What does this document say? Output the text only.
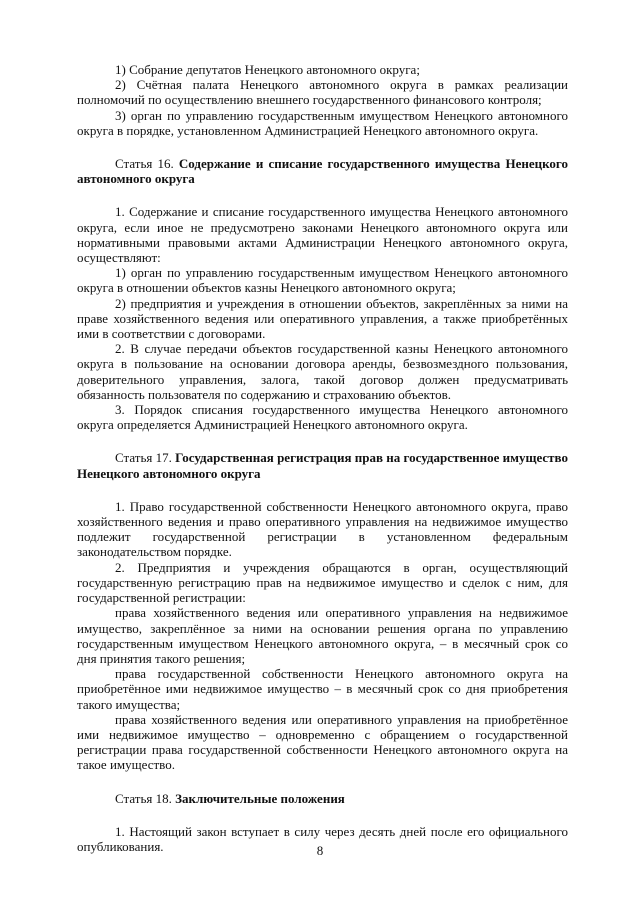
1) Собрание депутатов Ненецкого автономного округа;

2) Счётная палата Ненецкого автономного округа в рамках реализации полномочий по осуществлению внешнего государственного финансового контроля;

3) орган по управлению государственным имуществом Ненецкого автономного округа в порядке, установленном Администрацией Ненецкого автономного округа.

Статья 16. Содержание и списание государственного имущества Ненецкого автономного округа

1. Содержание и списание государственного имущества Ненецкого автономного округа, если иное не предусмотрено законами Ненецкого автономного округа или нормативными правовыми актами Администрации Ненецкого автономного округа, осуществляют:

1) орган по управлению государственным имуществом Ненецкого автономного округа в отношении объектов казны Ненецкого автономного округа;

2) предприятия и учреждения в отношении объектов, закреплённых за ними на праве хозяйственного ведения или оперативного управления, а также приобретённых ими в соответствии с договорами.

2. В случае передачи объектов государственной казны Ненецкого автономного округа в пользование на основании договора аренды, безвозмездного пользования, доверительного управления, залога, такой договор должен предусматривать обязанность пользователя по содержанию и страхованию объектов.

3. Порядок списания государственного имущества Ненецкого автономного округа определяется Администрацией Ненецкого автономного округа.

Статья 17. Государственная регистрация прав на государственное имущество Ненецкого автономного округа

1. Право государственной собственности Ненецкого автономного округа, право хозяйственного ведения и право оперативного управления на недвижимое имущество подлежит государственной регистрации в установленном федеральным законодательством порядке.

2. Предприятия и учреждения обращаются в орган, осуществляющий государственную регистрацию прав на недвижимое имущество и сделок с ним, для государственной регистрации:

права хозяйственного ведения или оперативного управления на недвижимое имущество, закреплённое за ними на основании решения органа по управлению государственным имуществом Ненецкого автономного округа, – в месячный срок со дня принятия такого решения;

права государственной собственности Ненецкого автономного округа на приобретённое ими недвижимое имущество – в месячный срок со дня приобретения такого имущества;

права хозяйственного ведения или оперативного управления на приобретённое ими недвижимое имущество – одновременно с обращением о государственной регистрации права государственной собственности Ненецкого автономного округа на такое имущество.

Статья 18. Заключительные положения

1. Настоящий закон вступает в силу через десять дней после его официального опубликования.	8
